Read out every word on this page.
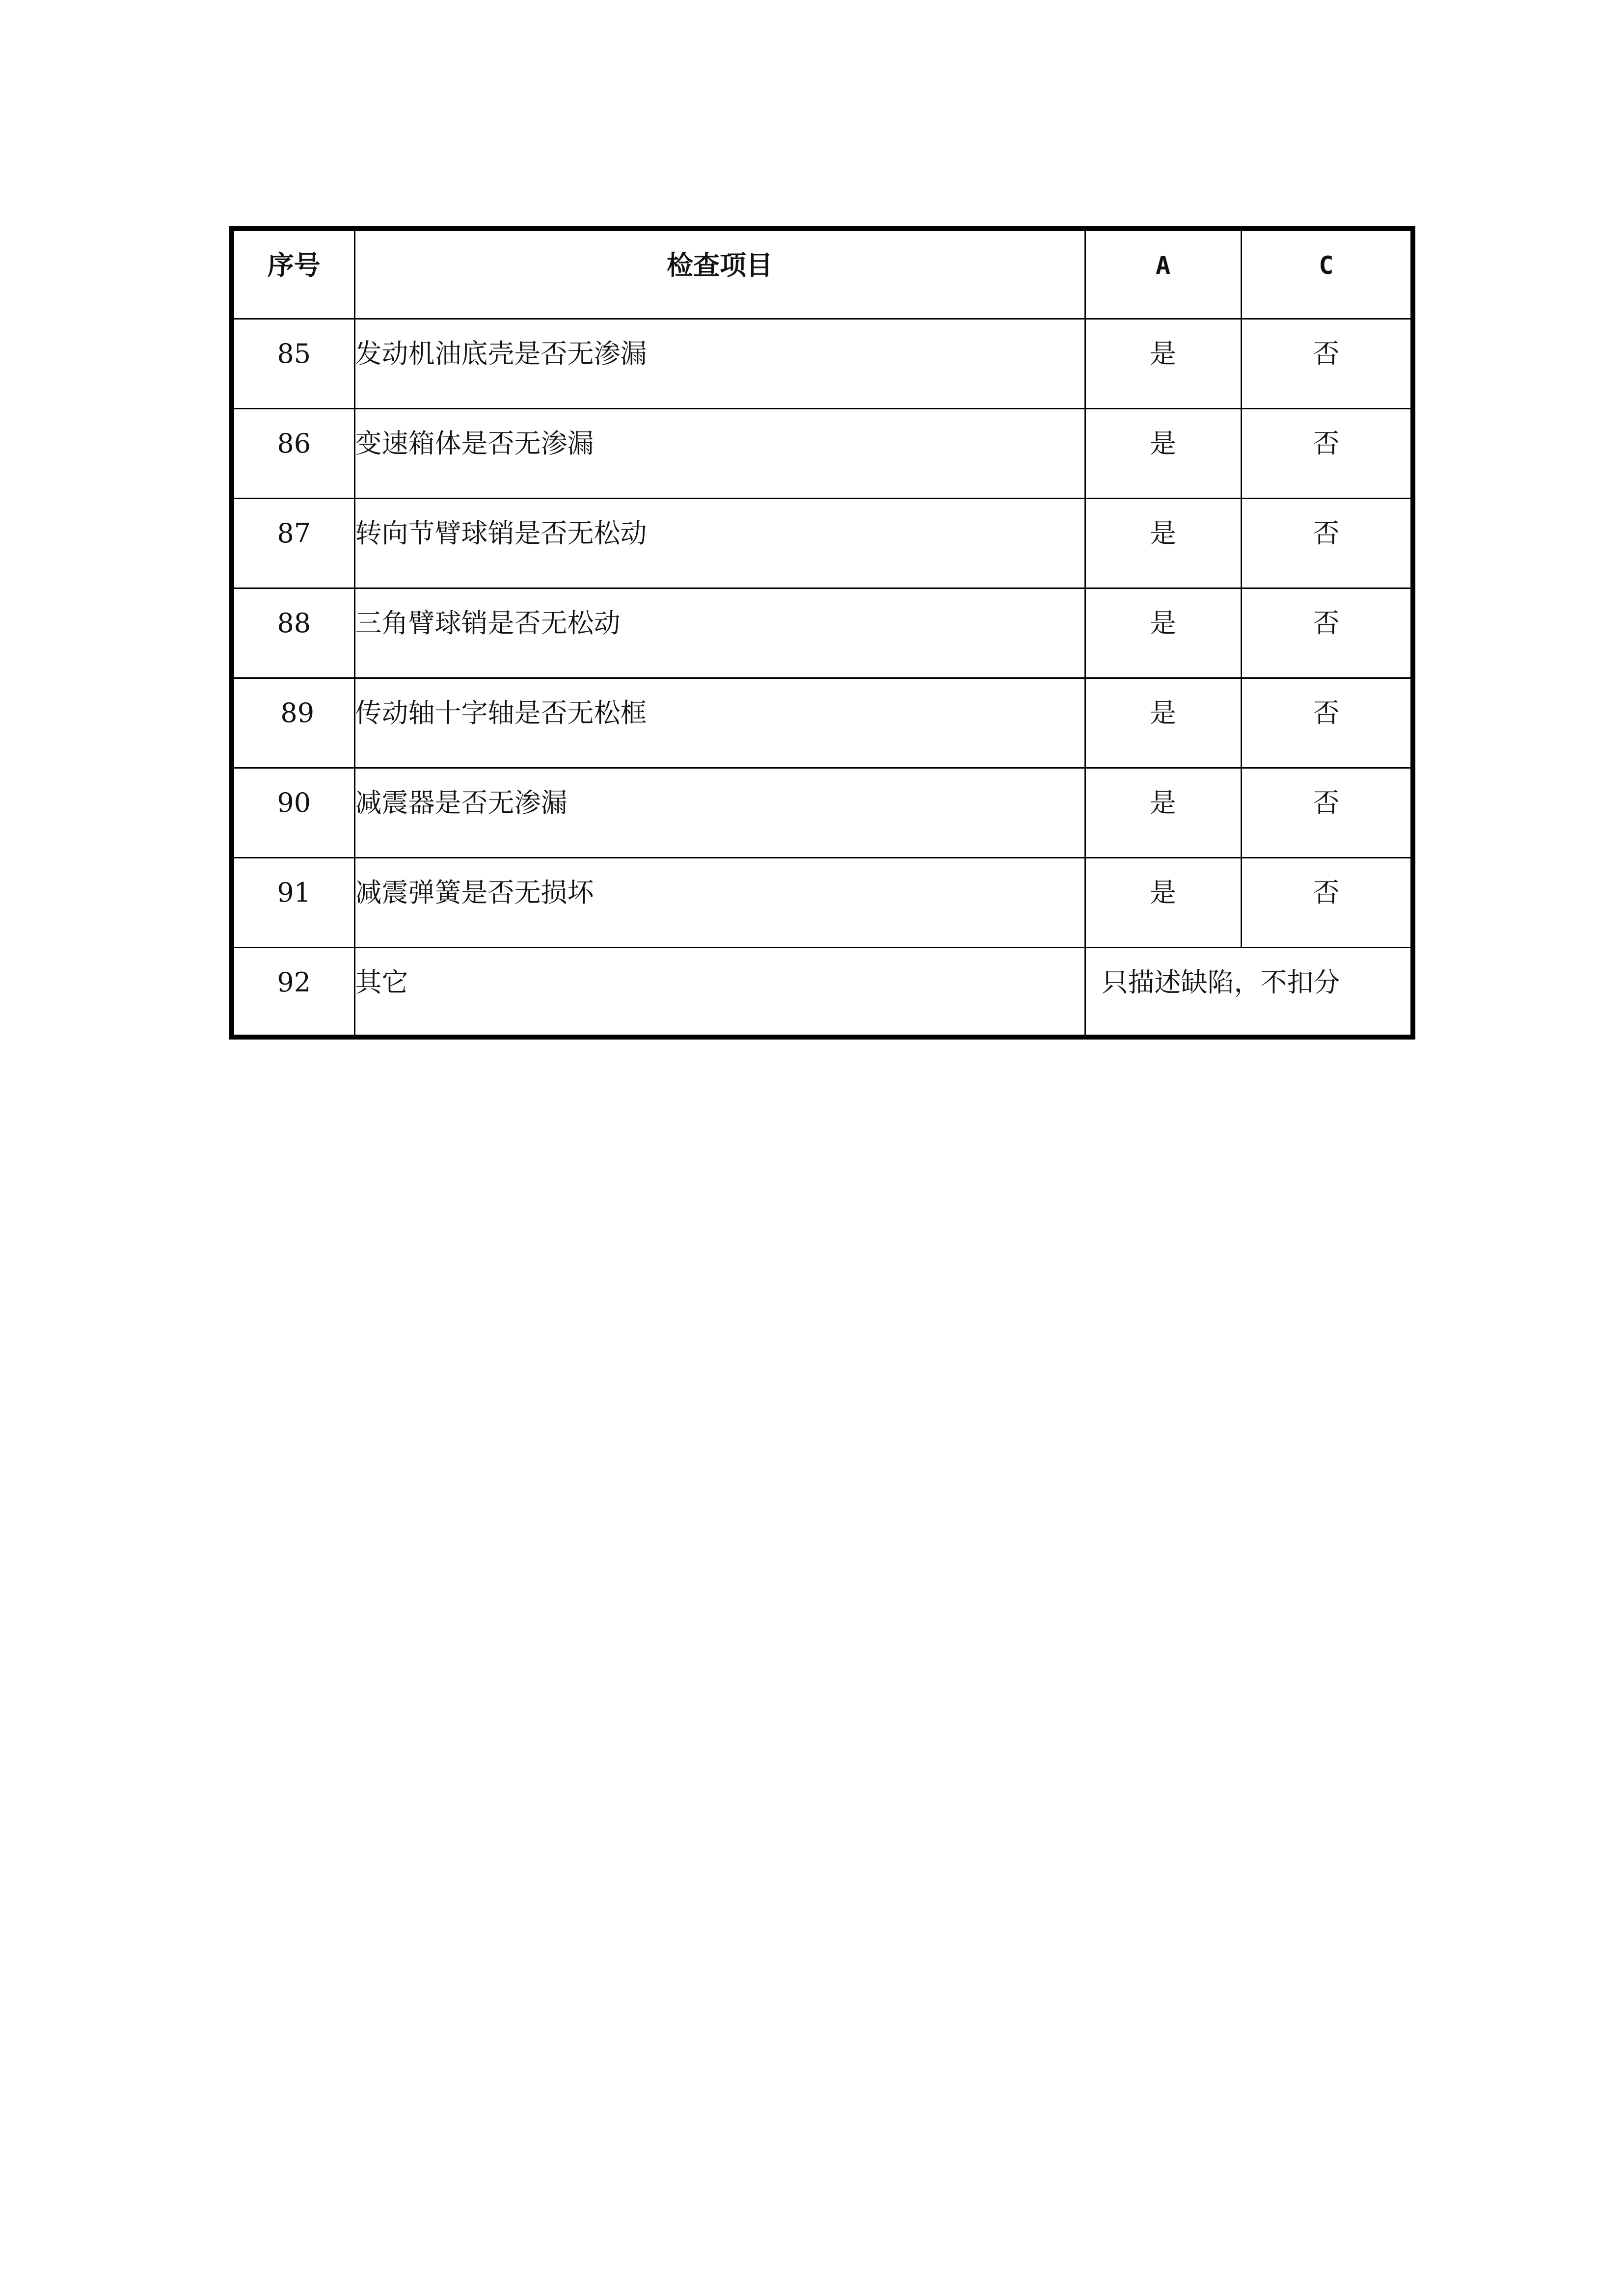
序号	检查项目	A	C

85	发动机油底壳是否无渗漏	是	否

86	变速箱体是否无渗漏	是	否

87	转向节臂球销是否无松动	是	否

88	三角臂球销是否无松动	是	否

89	传动轴十字轴是否无松框	是	否

90	减震器是否无渗漏	是	否

91	减震弹簧是否无损坏	是	否

92	其它	只描述缺陷，不扣分	
